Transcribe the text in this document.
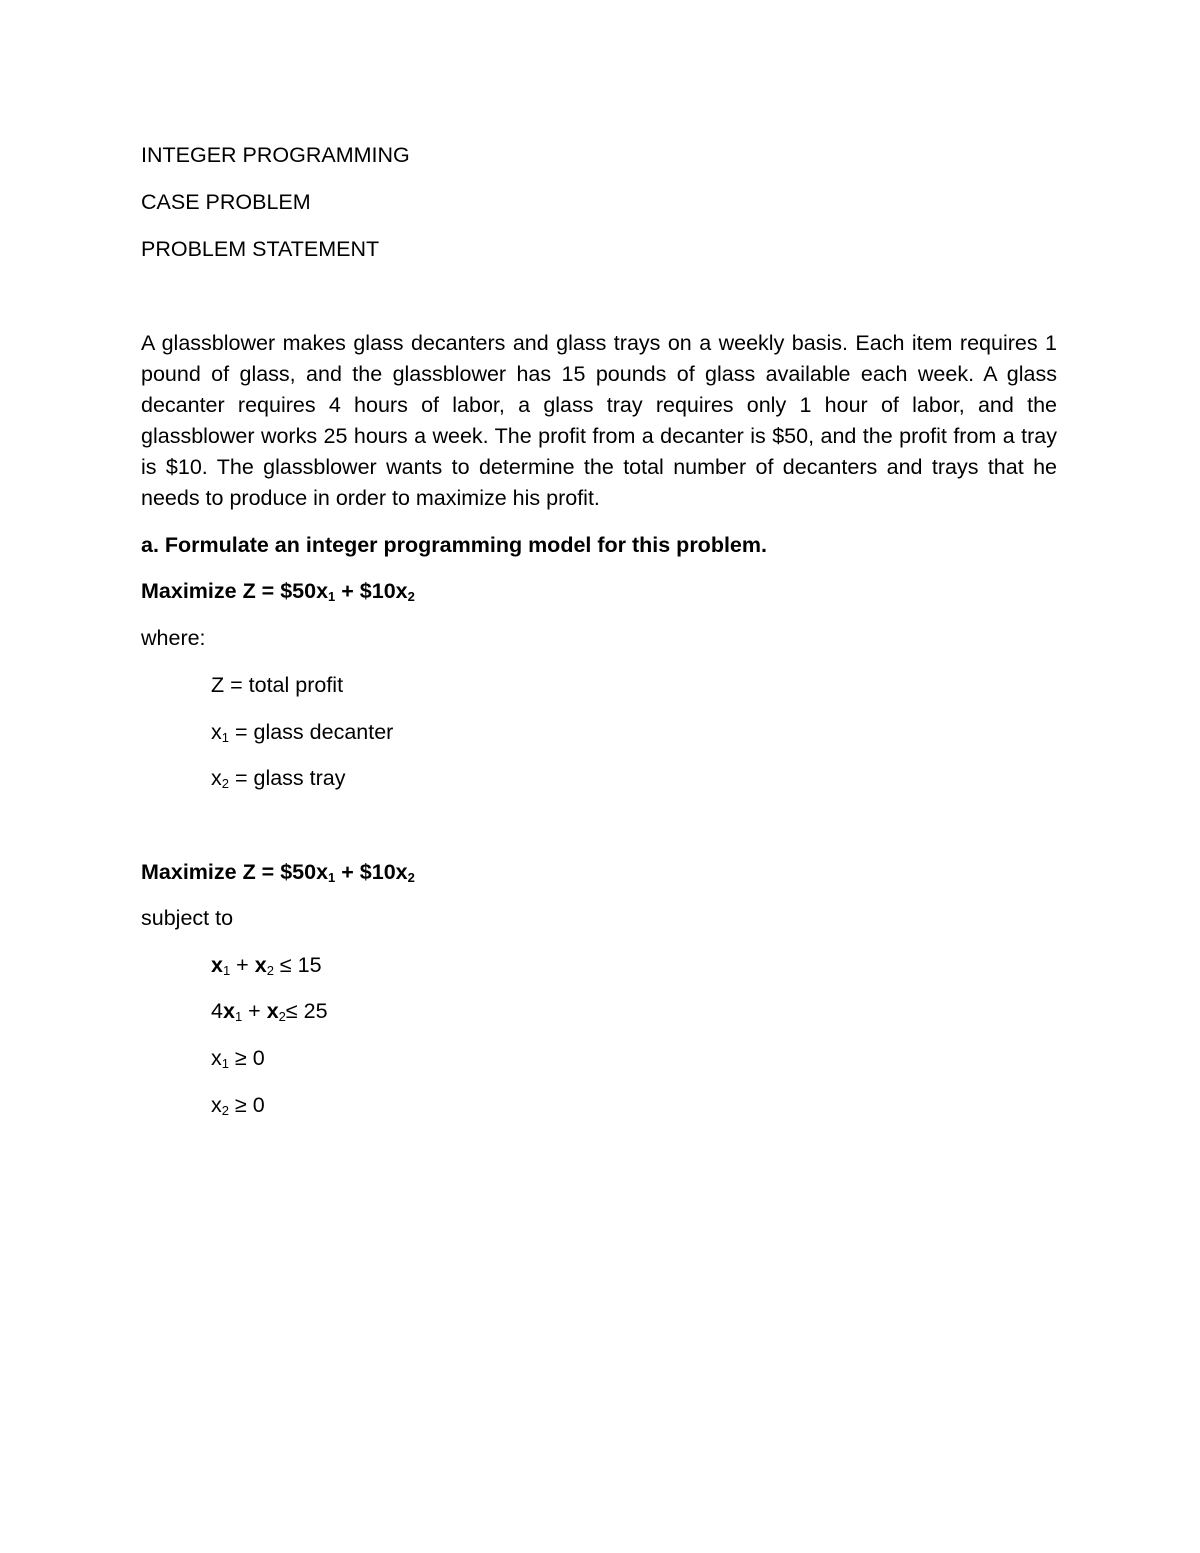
INTEGER PROGRAMMING

CASE PROBLEM

PROBLEM STATEMENT

A glassblower makes glass decanters and glass trays on a weekly basis. Each item requires 1 pound of glass, and the glassblower has 15 pounds of glass available each week. A glass decanter requires 4 hours of labor, a glass tray requires only 1 hour of labor, and the glassblower works 25 hours a week. The profit from a decanter is $50, and the profit from a tray is $10. The glassblower wants to determine the total number of decanters and trays that he needs to produce in order to maximize his profit.

a. Formulate an integer programming model for this problem.

Maximize $Z = \$50x_1$ + $\$10x_2$

where:

Z = total profit

$x_1$ = glass decanter

$x_2$ = glass tray

Maximize $Z = \$50x_1$ + $\$10x_2$

subject to

$x_1 + x_2 \le 15$

$4x_1 + x_2\le 25$

$x_1 \ge 0$

$x_2 \ge 0$
